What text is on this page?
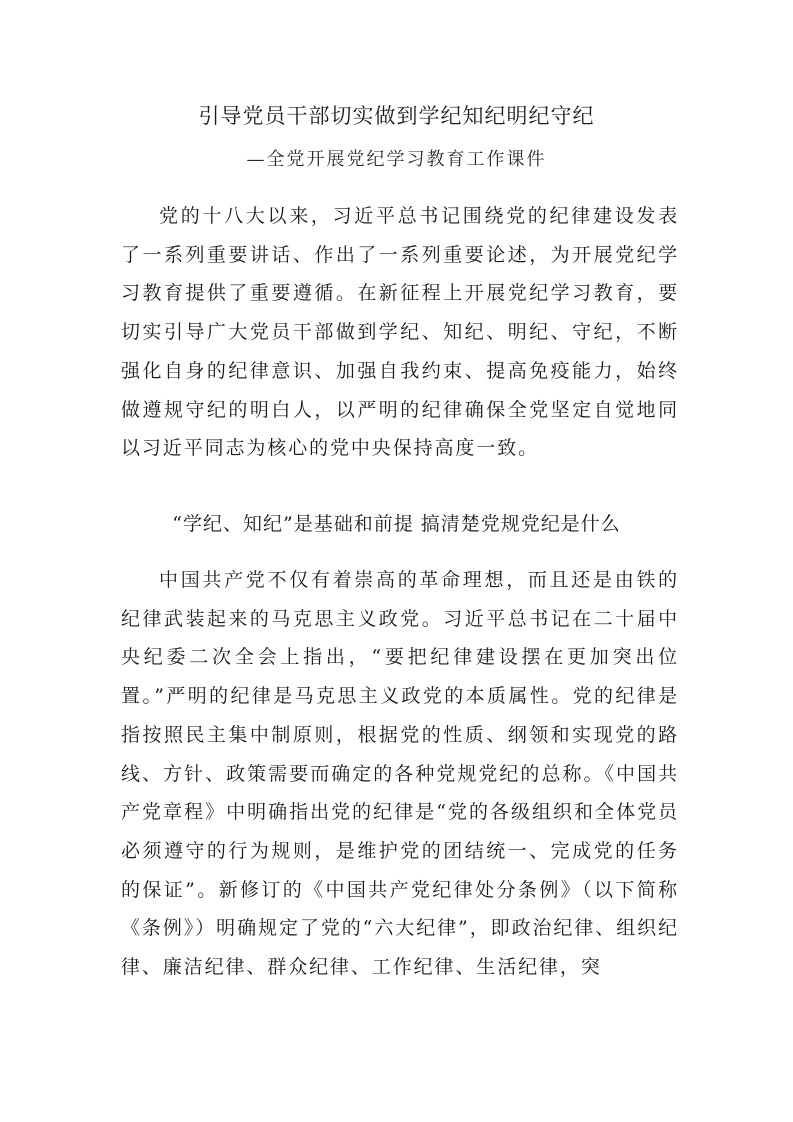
引导党员干部切实做到学纪知纪明纪守纪

—全党开展党纪学习教育工作课件

党的十八大以来，习近平总书记围绕党的纪律建设发表了一系列重要讲话、作出了一系列重要论述，为开展党纪学习教育提供了重要遵循。在新征程上开展党纪学习教育，要切实引导广大党员干部做到学纪、知纪、明纪、守纪，不断强化自身的纪律意识、加强自我约束、提高免疫能力，始终做遵规守纪的明白人，以严明的纪律确保全党坚定自觉地同以习近平同志为核心的党中央保持高度一致。

“学纪、知纪”是基础和前提 搞清楚党规党纪是什么

中国共产党不仅有着崇高的革命理想，而且还是由铁的纪律武装起来的马克思主义政党。习近平总书记在二十届中央纪委二次全会上指出，“要把纪律建设摆在更加突出位置。”严明的纪律是马克思主义政党的本质属性。党的纪律是指按照民主集中制原则，根据党的性质、纲领和实现党的路线、方针、政策需要而确定的各种党规党纪的总称。《中国共产党章程》中明确指出党的纪律是“党的各级组织和全体党员必须遵守的行为规则，是维护党的团结统一、完成党的任务的保证”。新修订的《中国共产党纪律处分条例》（以下简称《条例》）明确规定了党的“六大纪律”，即政治纪律、组织纪律、廉洁纪律、群众纪律、工作纪律、生活纪律，突
